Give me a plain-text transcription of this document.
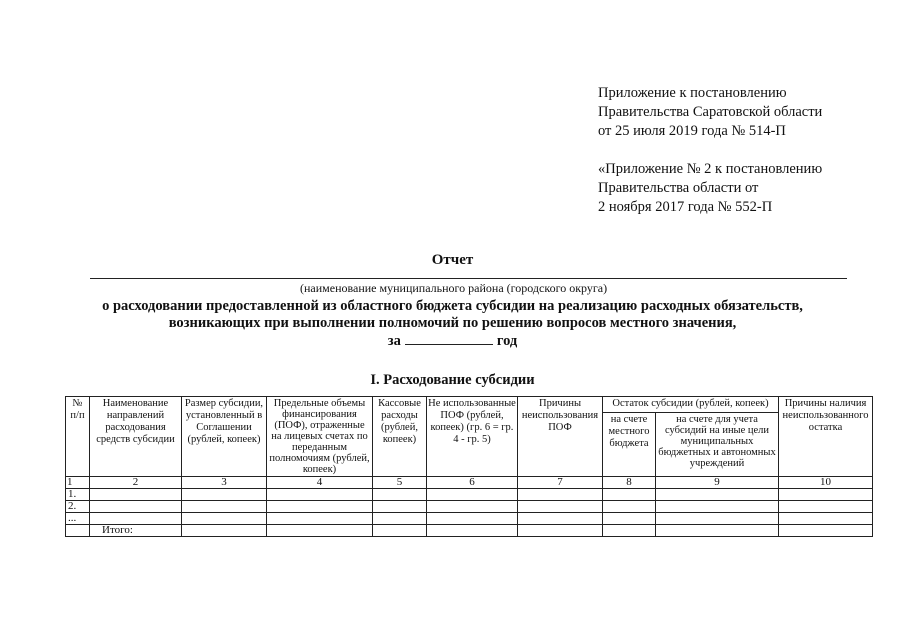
Приложение к постановлению
Правительства Саратовской области
от 25 июля 2019 года № 514-П
«Приложение № 2 к постановлению
Правительства области от
2 ноября 2017 года № 552-П
Отчет
(наименование муниципального района (городского округа)
о расходовании предоставленной из областного бюджета субсидии на реализацию расходных обязательств,
возникающих при выполнении полномочий по решению вопросов местного значения,
за	год
I. Расходование субсидии
№ п/п	Наименование направлений расходования средств субсидии	Размер субсидии, установленный в Соглашении (рублей, копеек)	Предельные объемы финансирования (ПОФ), отраженные на лицевых счетах по переданным полномочиям (рублей, копеек)	Кассовые расходы (рублей, копеек)	Не использованные ПОФ (рублей, копеек) (гр. 6 = гр. 4 - гр. 5)	Причины неиспользования ПОФ	Остаток субсидии (рублей, копеек)		Причины наличия неиспользованного остатка
							на счете местного бюджета	на счете для учета субсидий на иные цели муниципальных бюджетных и автономных учреждений	
1	2	3	4	5	6	7	8	9	10
1.									
2.									
...									
	Итого:								
